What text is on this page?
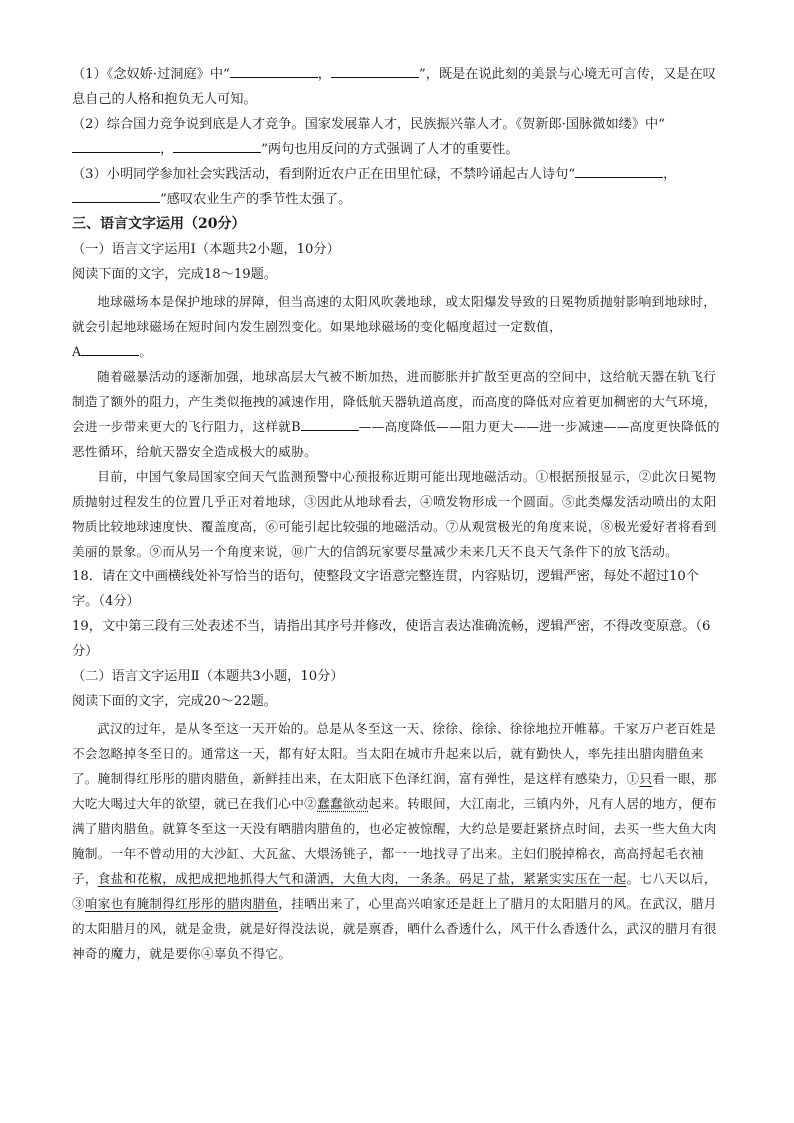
（1）《念奴娇·过洞庭》中“	，	”，既是在说此刻的美景与心境无可言传，又是在叹息自己的人格和抱负无人可知。

（2）综合国力竞争说到底是人才竞争。国家发展靠人才，民族振兴靠人才。《贺新郎·国脉微如缕》中“，	”两句也用反问的方式强调了人才的重要性。

（3）小明同学参加社会实践活动，看到附近农户正在田里忙碌，不禁吟诵起古人诗句“	，”感叹农业生产的季节性太强了。

三、语言文字运用（20分）

（一）语言文字运用Ⅰ（本题共2小题，10分）

阅读下面的文字，完成18～19题。

地球磁场本是保护地球的屏障，但当高速的太阳风吹袭地球，或太阳爆发导致的日冕物质抛射影响到地球时，就会引起地球磁场在短时间内发生剧烈变化。如果地球磁场的变化幅度超过一定数值，

A	。

随着磁暴活动的逐渐加强，地球高层大气被不断加热，进而膨胀并扩散至更高的空间中，这给航天器在轨飞行制造了额外的阻力，产生类似拖拽的减速作用，降低航天器轨道高度，而高度的降低对应着更加稠密的大气环境，会进一步带来更大的飞行阻力，这样就B	——高度降低——阻力更大——进一步减速——高度更快降低的恶性循环，给航天器安全造成极大的威胁。

目前，中国气象局国家空间天气监测预警中心预报称近期可能出现地磁活动。①根据预报显示，②此次日冕物质抛射过程发生的位置几乎正对着地球，③因此从地球看去，④喷发物形成一个圆面。⑤此类爆发活动喷出的太阳物质比较地球速度快、覆盖度高，⑥可能引起比较强的地磁活动。⑦从观赏极光的角度来说，⑧极光爱好者将看到美丽的景象。⑨而从另一个角度来说，⑩广大的信鸽玩家要尽量减少未来几天不良天气条件下的放飞活动。

18．请在文中画横线处补写恰当的语句，使整段文字语意完整连贯，内容贴切，逻辑严密，每处不超过10个字。（4分）

19，文中第三段有三处表述不当，请指出其序号并修改，使语言表达准确流畅，逻辑严密，不得改变原意。（6分）

（二）语言文字运用Ⅱ（本题共3小题，10分）

阅读下面的文字，完成20～22题。

武汉的过年，是从冬至这一天开始的。总是从冬至这一天、徐徐、徐徐、徐徐地拉开帷幕。千家万户老百姓是不会忽略掉冬至日的。通常这一天，都有好太阳。当太阳在城市升起来以后，就有勤快人，率先挂出腊肉腊鱼来了。腌制得红彤彤的腊肉腊鱼，新鲜挂出来，在太阳底下色泽红润，富有弹性，是这样有感染力，①只看一眼，那大吃大喝过大年的欲望，就已在我们心中②蠢蠢欲动起来。转眼间，大江南北，三镇内外，凡有人居的地方，便布满了腊肉腊鱼。就算冬至这一天没有晒腊肉腊鱼的，也必定被惊醒，大约总是要赶紧挤点时间，去买一些大鱼大肉腌制。一年不曾动用的大沙缸、大瓦盆、大煨汤铫子，都一一地找寻了出来。主妇们脱掉棉衣，高高捋起毛衣袖子，食盐和花椒，成把成把地抓得大气和潇洒，大鱼大肉，一条条。码足了盐，紧紧实实压在一起。七八天以后，③咱家也有腌制得红彤彤的腊肉腊鱼，挂晒出来了，心里高兴咱家还是赶上了腊月的太阳腊月的风。在武汉，腊月的太阳腊月的风，就是金贵，就是好得没法说，就是禀香，晒什么香透什么，风干什么香透什么，武汉的腊月有很神奇的魔力，就是要你④辜负不得它。
